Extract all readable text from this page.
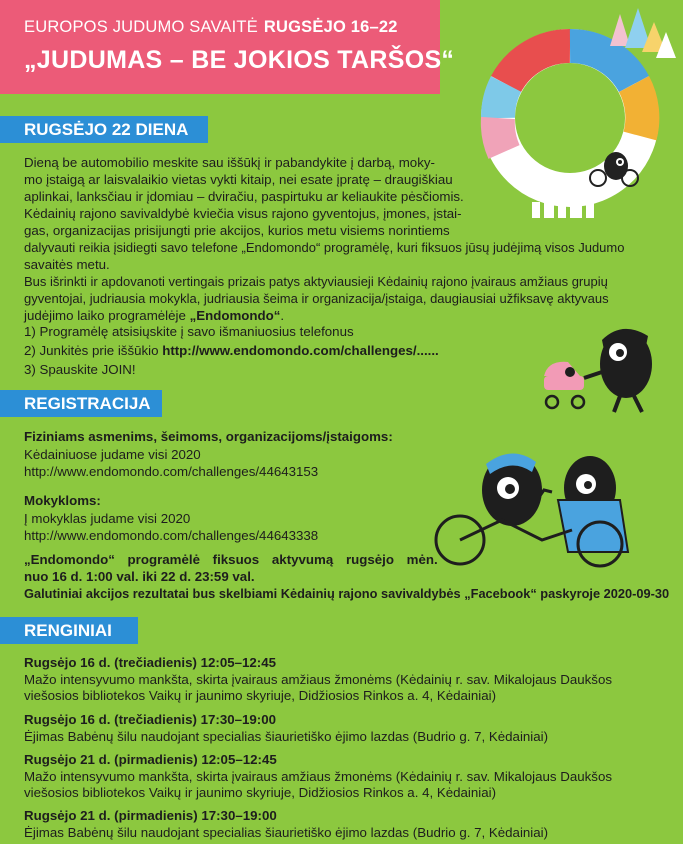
EUROPOS JUDUMO SAVAITĖ RUGSĖJO 16–22
„JUDUMAS – BE JOKIOS TARŠOS“
RUGSĖJO 22 DIENA
Dieną be automobilio meskite sau iššūkį ir pabandykite į darbą, moky-
mo įstaigą ar laisvalaikio vietas vykti kitaip, nei esate įpratę – draugiškiau
aplinkai, lanksčiau ir įdomiau – dviračiu, paspirtuku ar keliaukite pėsčiomis.
Kėdainių rajono savivaldybė kviečia visus rajono gyventojus, įmones, įstai-
gas, organizacijas prisijungti prie akcijos, kurios metu visiems norintiems
dalyvauti reikia įsidiegti savo telefone „Endomondo“ programėlę, kuri fiksuos jūsų judėjimą visos Judumo
savaitės metu.
Bus išrinkti ir apdovanoti vertingais prizais patys aktyviausieji Kėdainių rajono įvairaus amžiaus grupių
gyventojai, judriausia mokykla, judriausia šeima ir organizacija/įstaiga, daugiausiai užfiksavę aktyvaus
judėjimo laiko programėlėje „Endomondo“.
1) Programėlę atsisiųskite į savo išmaniuosius telefonus
2) Junkitės prie iššūkio http://www.endomondo.com/challenges/......
3) Spauskite JOIN!
REGISTRACIJA
Fiziniams asmenims, šeimoms, organizacijoms/įstaigoms:
Kėdainiuose judame visi 2020
http://www.endomondo.com/challenges/44643153
Mokykloms:
Į mokyklas judame visi 2020
http://www.endomondo.com/challenges/44643338
„Endomondo“ programėlė fiksuos aktyvumą rugsėjo mėn.
nuo 16 d. 1:00 val. iki 22 d. 23:59 val.
Galutiniai akcijos rezultatai bus skelbiami Kėdainių rajono savivaldybės „Facebook“ paskyroje 2020-09-30
RENGINIAI
Rugsėjo 16 d. (trečiadienis) 12:05–12:45
Mažo intensyvumo mankšta, skirta įvairaus amžiaus žmonėms (Kėdainių r. sav. Mikalojaus Daukšos
viešosios bibliotekos Vaikų ir jaunimo skyriuje, Didžiosios Rinkos a. 4, Kėdainiai)
Rugsėjo 16 d. (trečiadienis) 17:30–19:00
Ėjimas Babėnų šilu naudojant specialias šiaurietiško ėjimo lazdas (Budrio g. 7, Kėdainiai)
Rugsėjo 21 d. (pirmadienis) 12:05–12:45
Mažo intensyvumo mankšta, skirta įvairaus amžiaus žmonėms (Kėdainių r. sav. Mikalojaus Daukšos
viešosios bibliotekos Vaikų ir jaunimo skyriuje, Didžiosios Rinkos a. 4, Kėdainiai)
Rugsėjo 21 d. (pirmadienis) 17:30–19:00
Ėjimas Babėnų šilu naudojant specialias šiaurietiško ėjimo lazdas (Budrio g. 7, Kėdainiai)
